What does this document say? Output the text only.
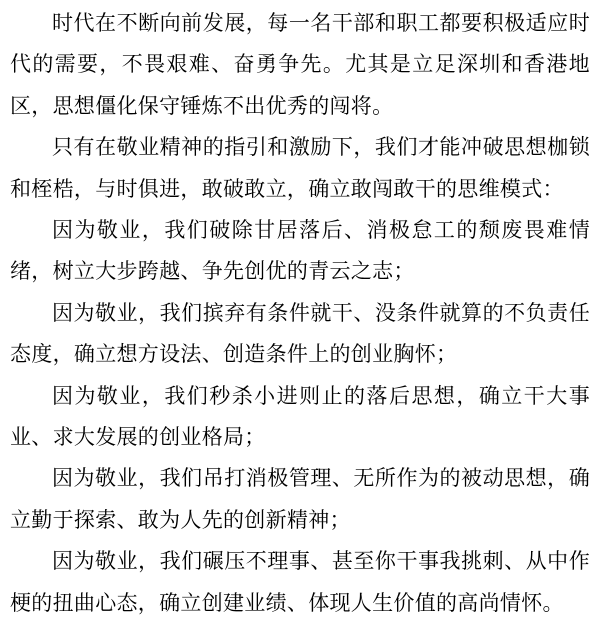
时代在不断向前发展，每一名干部和职工都要积极适应时代的需要，不畏艰难、奋勇争先。尤其是立足深圳和香港地区，思想僵化保守锤炼不出优秀的闯将。

只有在敬业精神的指引和激励下，我们才能冲破思想枷锁和桎梏，与时俱进，敢破敢立，确立敢闯敢干的思维模式：

因为敬业，我们破除甘居落后、消极怠工的颓废畏难情绪，树立大步跨越、争先创优的青云之志；

因为敬业，我们摈弃有条件就干、没条件就算的不负责任态度，确立想方设法、创造条件上的创业胸怀；

因为敬业，我们秒杀小进则止的落后思想，确立干大事业、求大发展的创业格局；

因为敬业，我们吊打消极管理、无所作为的被动思想，确立勤于探索、敢为人先的创新精神；

因为敬业，我们碾压不理事、甚至你干事我挑刺、从中作梗的扭曲心态，确立创建业绩、体现人生价值的高尚情怀。
